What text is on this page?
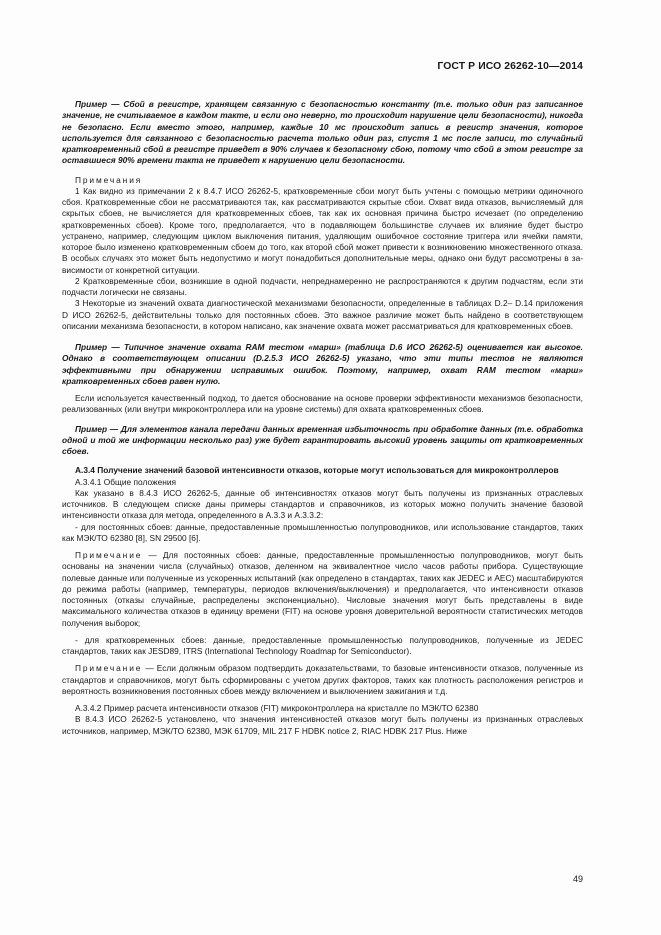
ГОСТ Р ИСО 26262-10—2014

Пример — Сбой в регистре, хранящем связанную с безопасностью константу (т.е. только один раз записанное значение, не считываемое в каждом такте, и если оно неверно, то происходит нарушение цели безопасности), никогда не безопасно. Если вместо этого, например, каждые 10 мс происходит запись в регистр значения, которое используется для связанного с безопасностью расчета только один раз, спустя 1 мс после записи, то случайный кратковременный сбой в регистре приведет в 90% случаев к безопасному сбою, потому что сбой в этом регистре за оставшиеся 90% времени такта не приведет к нарушению цели безопасности.

Примечания

1 Как видно из примечании 2 к 8.4.7 ИСО 26262-5, кратковременные сбои могут быть учтены с помощью метрики одиночного сбоя. Кратковременные сбои не рассматриваются так, как рассматриваются скрытые сбои. Охват вида отказов, вычисляемый для скрытых сбоев, не вычисляется для кратковременных сбоев, так как их основная причина быстро исчезает (по определению кратковременных сбоев). Кроме того, предполагается, что в подавляющем большинстве случаев их влияние будет быстро устранено, например, следующим циклом выключения питания, удаляющим ошибочное состояние триггера или ячейки памяти, которое было изменено кратковременным сбоем до того, как второй сбой может привести к возникновению множественного отказа. В особых случаях это может быть недопустимо и могут понадобиться дополнительные меры, однако они будут рассмотрены в зависимости от конкретной ситуации.

2 Кратковременные сбои, возникшие в одной подчасти, непреднамеренно не распространяются к другим подчастям, если эти подчасти логически не связаны.

3 Некоторые из значений охвата диагностической механизмами безопасности, определенные в таблицах D.2– D.14 приложения D ИСО 26262-5, действительны только для постоянных сбоев. Это важное различие может быть найдено в соответствующем описании механизма безопасности, в котором написано, как значение охвата может рассматриваться для кратковременных сбоев.

Пример — Типичное значение охвата RAM тестом «марш» (таблица D.6 ИСО 26262-5) оценивается как высокое. Однако в соответствующем описании (D.2.5.3 ИСО 26262-5) указано, что эти типы тестов не являются эффективными при обнаружении исправимых ошибок. Поэтому, например, охват RAM тестом «марш» кратковременных сбоев равен нулю.

Если используется качественный подход, то дается обоснование на основе проверки эффективности механизмов безопасности, реализованных (или внутри микроконтроллера или на уровне системы) для охвата кратковременных сбоев.

Пример — Для элементов канала передачи данных временная избыточность при обработке данных (т.е. обработка одной и той же информации несколько раз) уже будет гарантировать высокий уровень защиты от кратковременных сбоев.

А.3.4 Получение значений базовой интенсивности отказов, которые могут использоваться для микроконтроллеров

А.3.4.1 Общие положения

Как указано в 8.4.3 ИСО 26262-5, данные об интенсивностях отказов могут быть получены из признанных отраслевых источников. В следующем списке даны примеры стандартов и справочников, из которых можно получить значение базовой интенсивности отказа для метода, определенного в А.3.3 и А.3.3.2:

- для постоянных сбоев: данные, предоставленные промышленностью полупроводников, или использование стандартов, таких как МЭК/ТО 62380 [8], SN 29500 [6].

Примечание — Для постоянных сбоев: данные, предоставленные промышленностью полупроводников, могут быть основаны на значении числа (случайных) отказов, деленном на эквивалентное число часов работы прибора. Существующие полевые данные или полученные из ускоренных испытаний (как определено в стандартах, таких как JEDEC и AEC) масштабируются до режима работы (например, температуры, периодов включения/выключения) и предполагается, что интенсивности отказов постоянных (отказы случайные, распределены экспоненциально). Числовые значения могут быть представлены в виде максимального количества отказов в единицу времени (FIT) на основе уровня доверительной вероятности статистических методов получения выборок;

- для кратковременных сбоев: данные, предоставленные промышленностью полупроводников, полученные из JEDEC стандартов, таких как JESD89, ITRS (International Technology Roadmap for Semiconductor).

Примечание — Если должным образом подтвердить доказательствами, то базовые интенсивности отказов, полученные из стандартов и справочников, могут быть сформированы с учетом других факторов, таких как плотность расположения регистров и вероятность возникновения постоянных сбоев между включением и выключением зажигания и т.д.

А.3.4.2 Пример расчета интенсивности отказов (FIT) микроконтроллера на кристалле по МЭК/ТО 62380

В 8.4.3 ИСО 26262-5 установлено, что значения интенсивностей отказов могут быть получены из признанных отраслевых источников, например, МЭК/ТО 62380, МЭК 61709, MIL 217 F HDBK notice 2, RIAC HDBK 217 Plus. Ниже

49
